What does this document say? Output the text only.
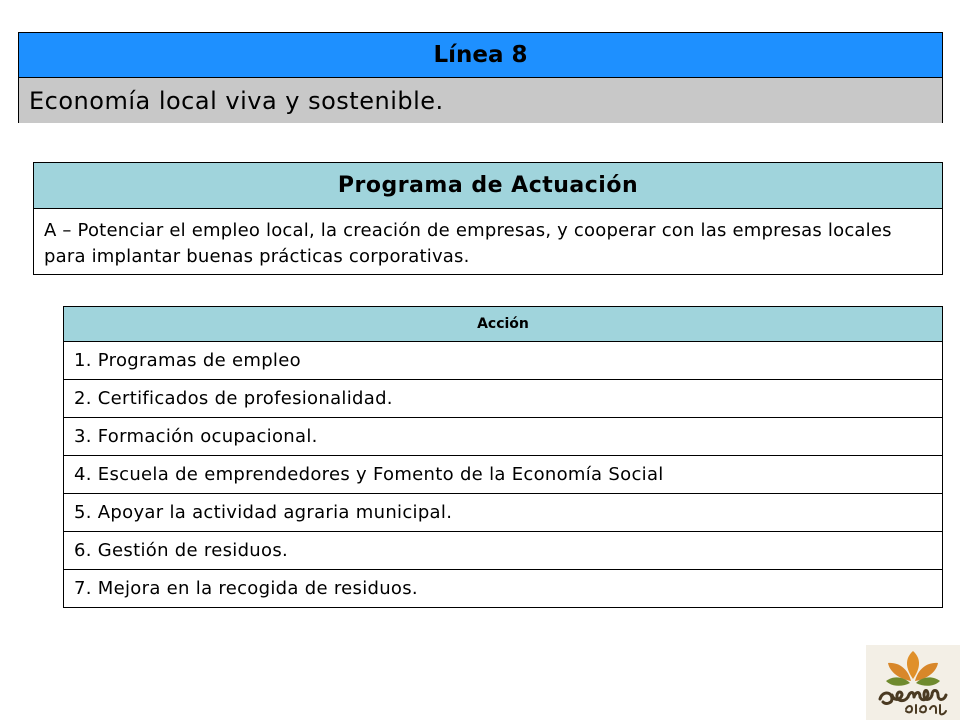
Línea 8
Economía local viva y sostenible.
Programa de Actuación
A – Potenciar el empleo local, la creación de empresas, y cooperar con las empresas locales para implantar buenas prácticas corporativas.
Acción
1. Programas de empleo
2. Certificados de profesionalidad.
3. Formación ocupacional.
4. Escuela de emprendedores y Fomento de la Economía Social
5. Apoyar la actividad agraria municipal.
6. Gestión de residuos.
7. Mejora en la recogida de residuos.
